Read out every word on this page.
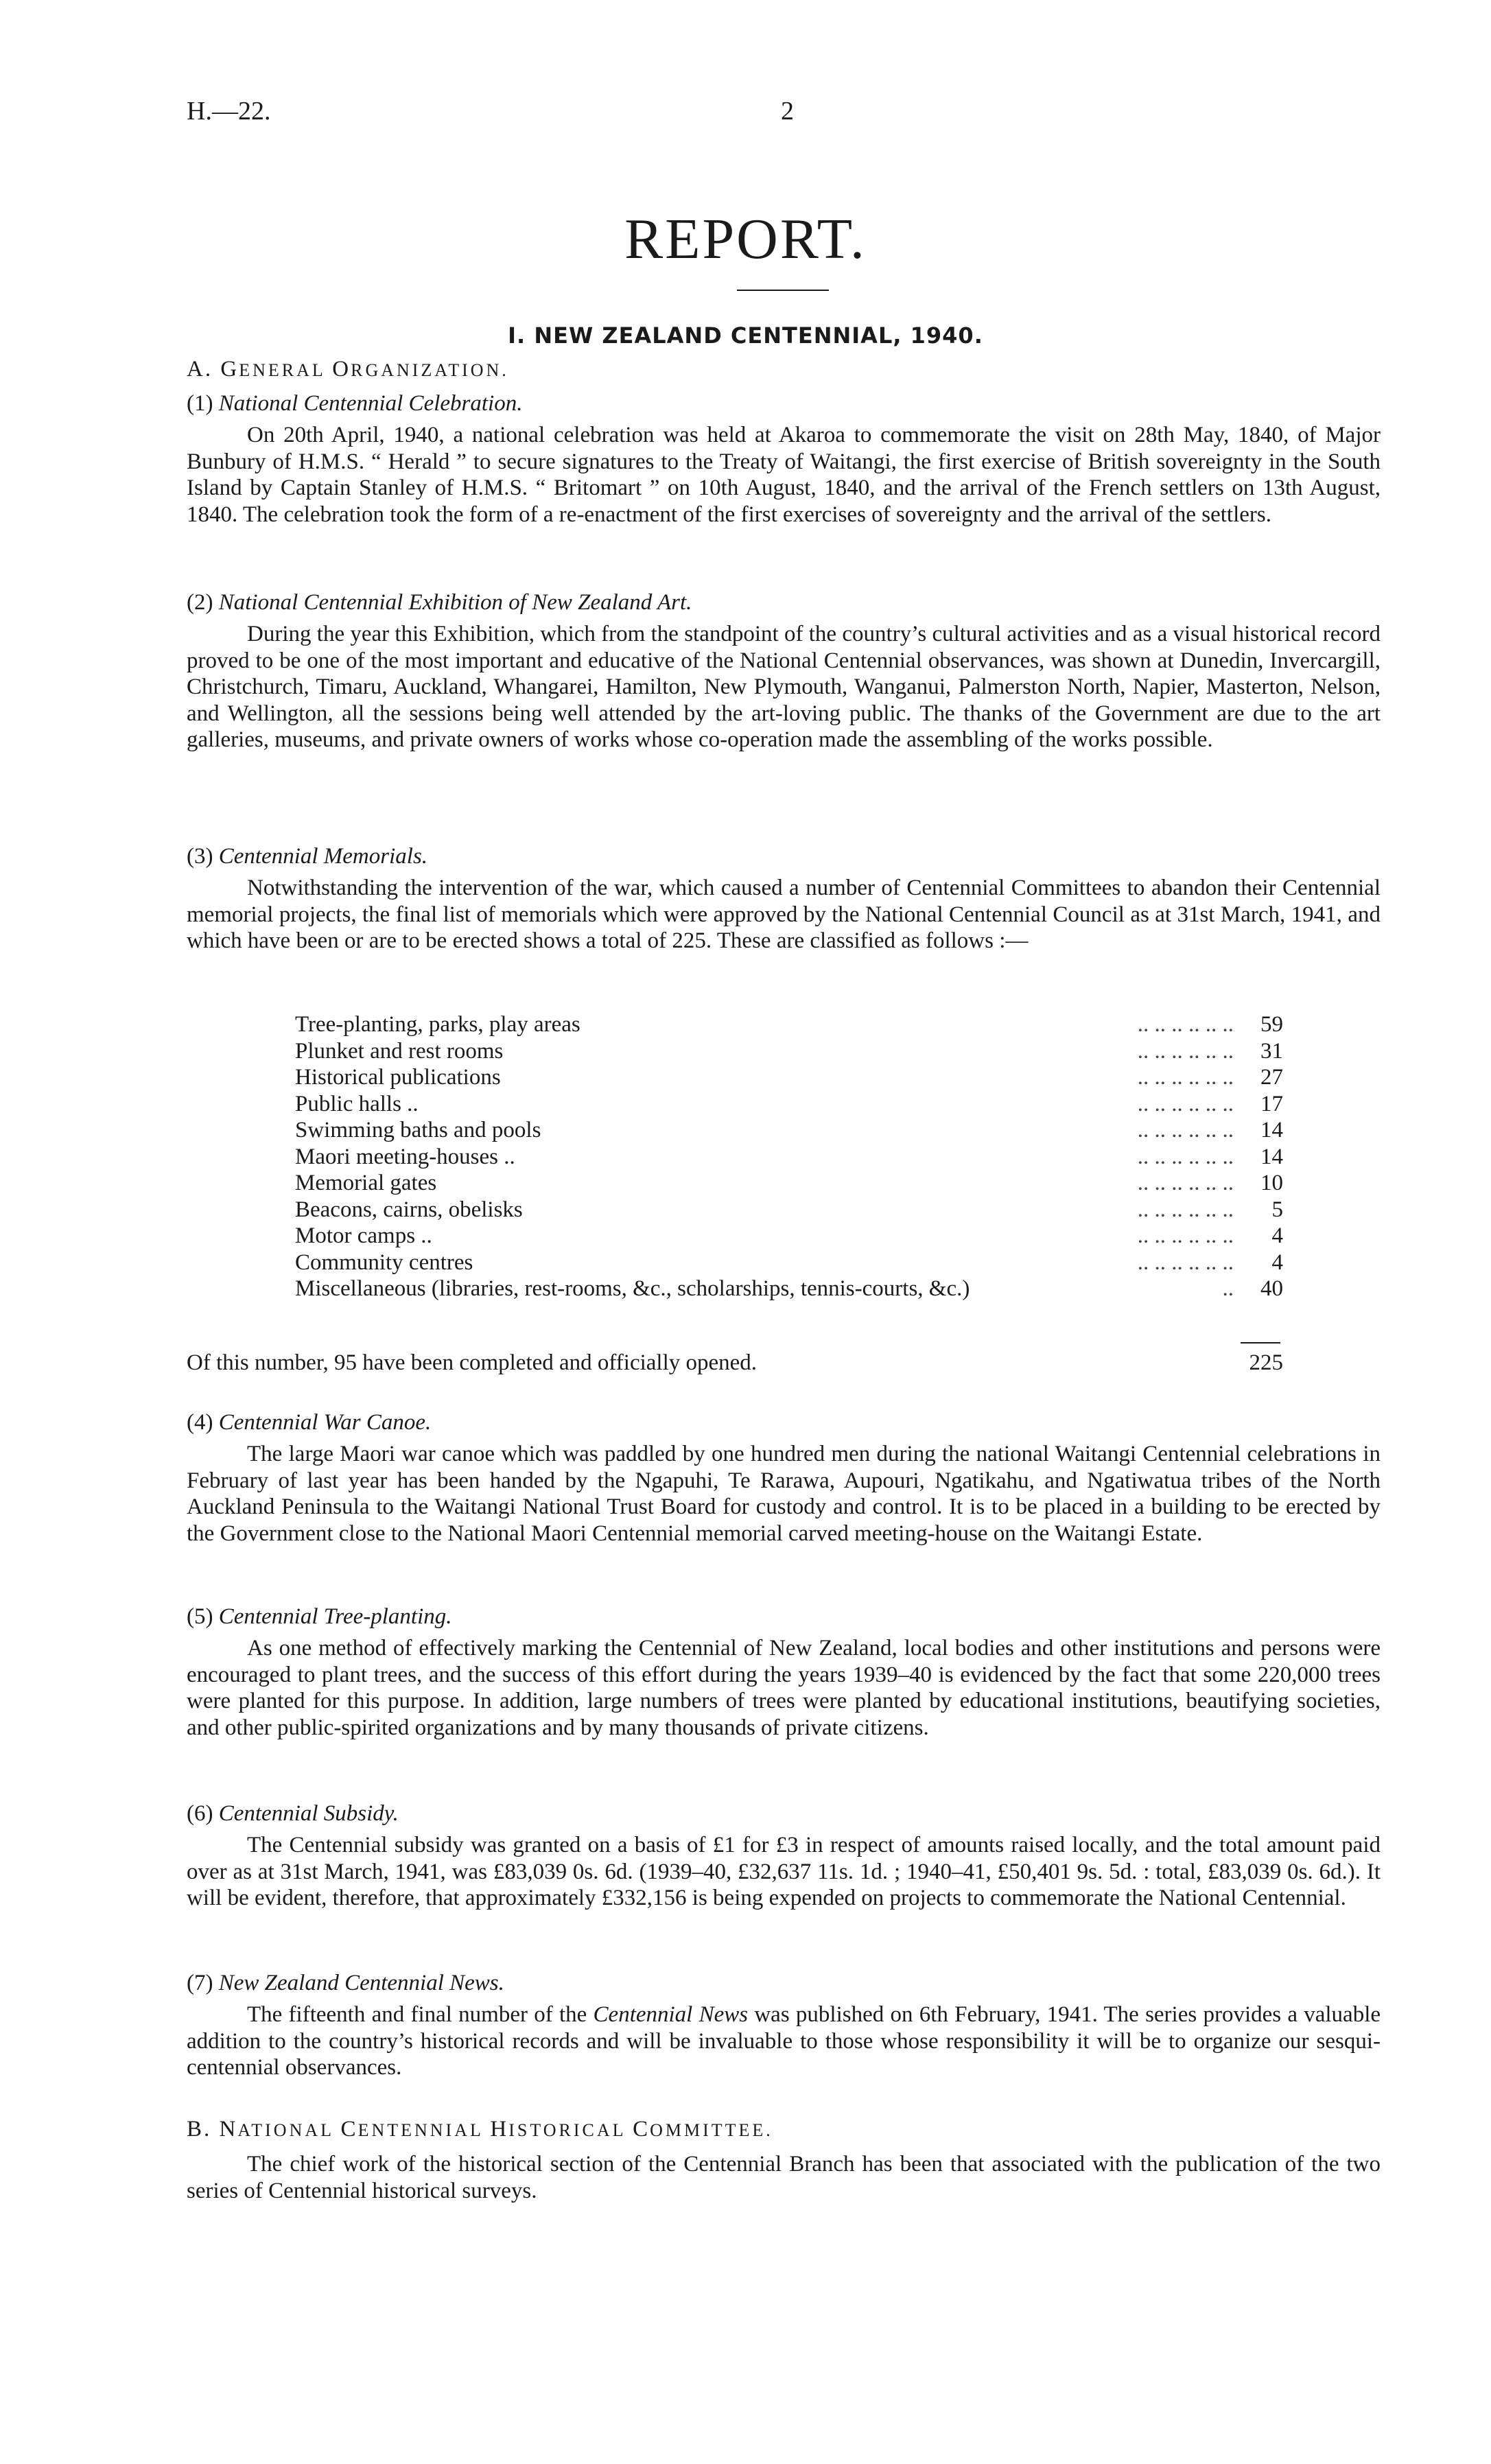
H.—22.	2
REPORT.
I. NEW ZEALAND CENTENNIAL, 1940.
A. GENERAL ORGANIZATION.
(1) National Centennial Celebration.

On 20th April, 1940, a national celebration was held at Akaroa to commemorate the visit on 28th May, 1840, of Major Bunbury of H.M.S. “ Herald ” to secure signatures to the Treaty of Waitangi, the first exercise of British sovereignty in the South Island by Captain Stanley of H.M.S. “ Britomart ” on 10th August, 1840, and the arrival of the French settlers on 13th August, 1840. The celebration took the form of a re-enactment of the first exercises of sovereignty and the arrival of the settlers.

(2) National Centennial Exhibition of New Zealand Art.

During the year this Exhibition, which from the standpoint of the country’s cultural activities and as a visual historical record proved to be one of the most important and educative of the National Centennial observances, was shown at Dunedin, Invercargill, Christchurch, Timaru, Auckland, Whangarei, Hamilton, New Plymouth, Wanganui, Palmerston North, Napier, Masterton, Nelson, and Wellington, all the sessions being well attended by the art-loving public. The thanks of the Government are due to the art galleries, museums, and private owners of works whose co-operation made the assembling of the works possible.

(3) Centennial Memorials.

Notwithstanding the intervention of the war, which caused a number of Centennial Committees to abandon their Centennial memorial projects, the final list of memorials which were approved by the National Centennial Council as at 31st March, 1941, and which have been or are to be erected shows a total of 225. These are classified as follows :—

Tree-planting, parks, play areas	.. .. .. .. .. ..	59
Plunket and rest rooms	.. .. .. .. .. ..	31
Historical publications	.. .. .. .. .. ..	27
Public halls ..	.. .. .. .. .. ..	17
Swimming baths and pools	.. .. .. .. .. ..	14
Maori meeting-houses ..	.. .. .. .. .. ..	14
Memorial gates	.. .. .. .. .. ..	10
Beacons, cairns, obelisks	.. .. .. .. .. ..	5
Motor camps ..	.. .. .. .. .. ..	4
Community centres	.. .. .. .. .. ..	4
Miscellaneous (libraries, rest-rooms, &c., scholarships, tennis-courts, &c.)	..	40
Of this number, 95 have been completed and officially opened.	225
(4) Centennial War Canoe.

The large Maori war canoe which was paddled by one hundred men during the national Waitangi Centennial celebrations in February of last year has been handed by the Ngapuhi, Te Rarawa, Aupouri, Ngatikahu, and Ngatiwatua tribes of the North Auckland Peninsula to the Waitangi National Trust Board for custody and control. It is to be placed in a building to be erected by the Government close to the National Maori Centennial memorial carved meeting-house on the Waitangi Estate.

(5) Centennial Tree-planting.

As one method of effectively marking the Centennial of New Zealand, local bodies and other institutions and persons were encouraged to plant trees, and the success of this effort during the years 1939–40 is evidenced by the fact that some 220,000 trees were planted for this purpose. In addition, large numbers of trees were planted by educational institutions, beautifying societies, and other public-spirited organizations and by many thousands of private citizens.

(6) Centennial Subsidy.

The Centennial subsidy was granted on a basis of £1 for £3 in respect of amounts raised locally, and the total amount paid over as at 31st March, 1941, was £83,039 0s. 6d. (1939–40, £32,637 11s. 1d. ; 1940–41, £50,401 9s. 5d. : total, £83,039 0s. 6d.). It will be evident, therefore, that approximately £332,156 is being expended on projects to commemorate the National Centennial.

(7) New Zealand Centennial News.

The fifteenth and final number of the Centennial News was published on 6th February, 1941. The series provides a valuable addition to the country’s historical records and will be invaluable to those whose responsibility it will be to organize our sesqui-centennial observances.

B. NATIONAL CENTENNIAL HISTORICAL COMMITTEE.

The chief work of the historical section of the Centennial Branch has been that associated with the publication of the two series of Centennial historical surveys.
